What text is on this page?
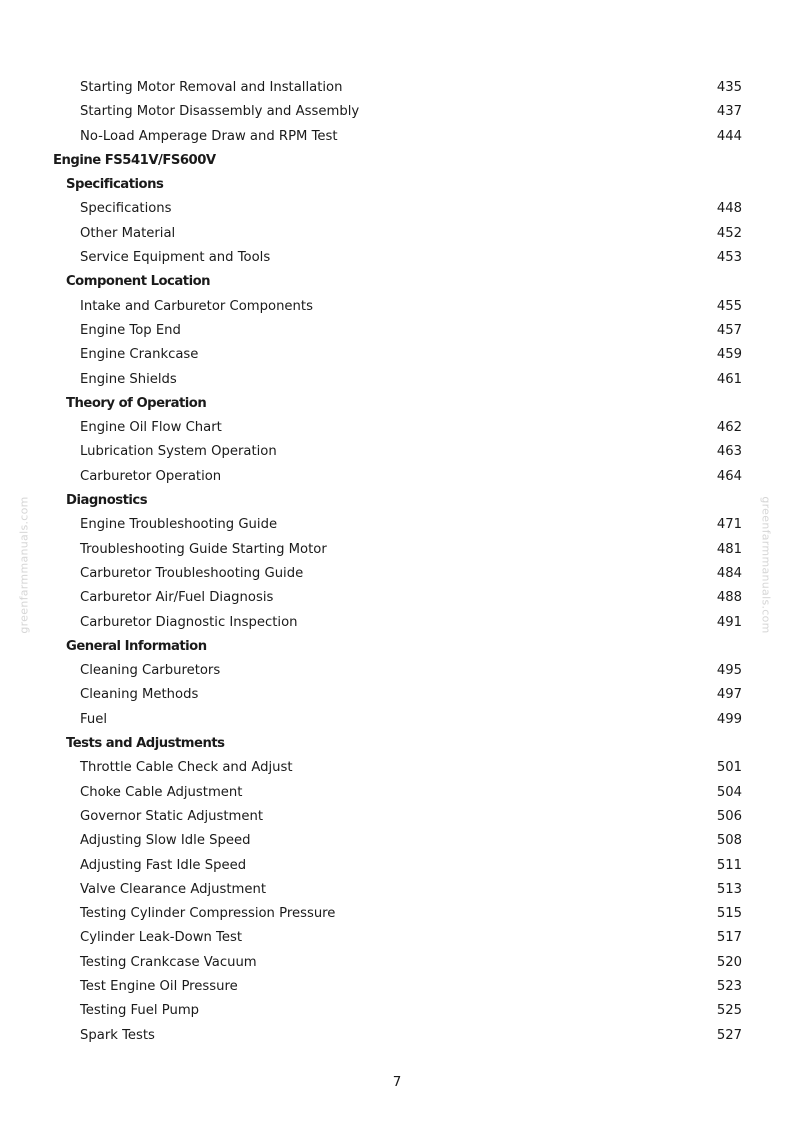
Starting Motor Removal and Installation	435
Starting Motor Disassembly and Assembly	437
No-Load Amperage Draw and RPM Test	444
Engine FS541V/FS600V
Specifications
Specifications	448
Other Material	452
Service Equipment and Tools	453
Component Location
Intake and Carburetor Components	455
Engine Top End	457
Engine Crankcase	459
Engine Shields	461
Theory of Operation
Engine Oil Flow Chart	462
Lubrication System Operation	463
Carburetor Operation	464
Diagnostics
Engine Troubleshooting Guide	471
Troubleshooting Guide Starting Motor	481
Carburetor Troubleshooting Guide	484
Carburetor Air/Fuel Diagnosis	488
Carburetor Diagnostic Inspection	491
General Information
Cleaning Carburetors	495
Cleaning Methods	497
Fuel	499
Tests and Adjustments
Throttle Cable Check and Adjust	501
Choke Cable Adjustment	504
Governor Static Adjustment	506
Adjusting Slow Idle Speed	508
Adjusting Fast Idle Speed	511
Valve Clearance Adjustment	513
Testing Cylinder Compression Pressure	515
Cylinder Leak-Down Test	517
Testing Crankcase Vacuum	520
Test Engine Oil Pressure	523
Testing Fuel Pump	525
Spark Tests	527
greenfarmmanuals.com	greenfarmmanuals.com
7
